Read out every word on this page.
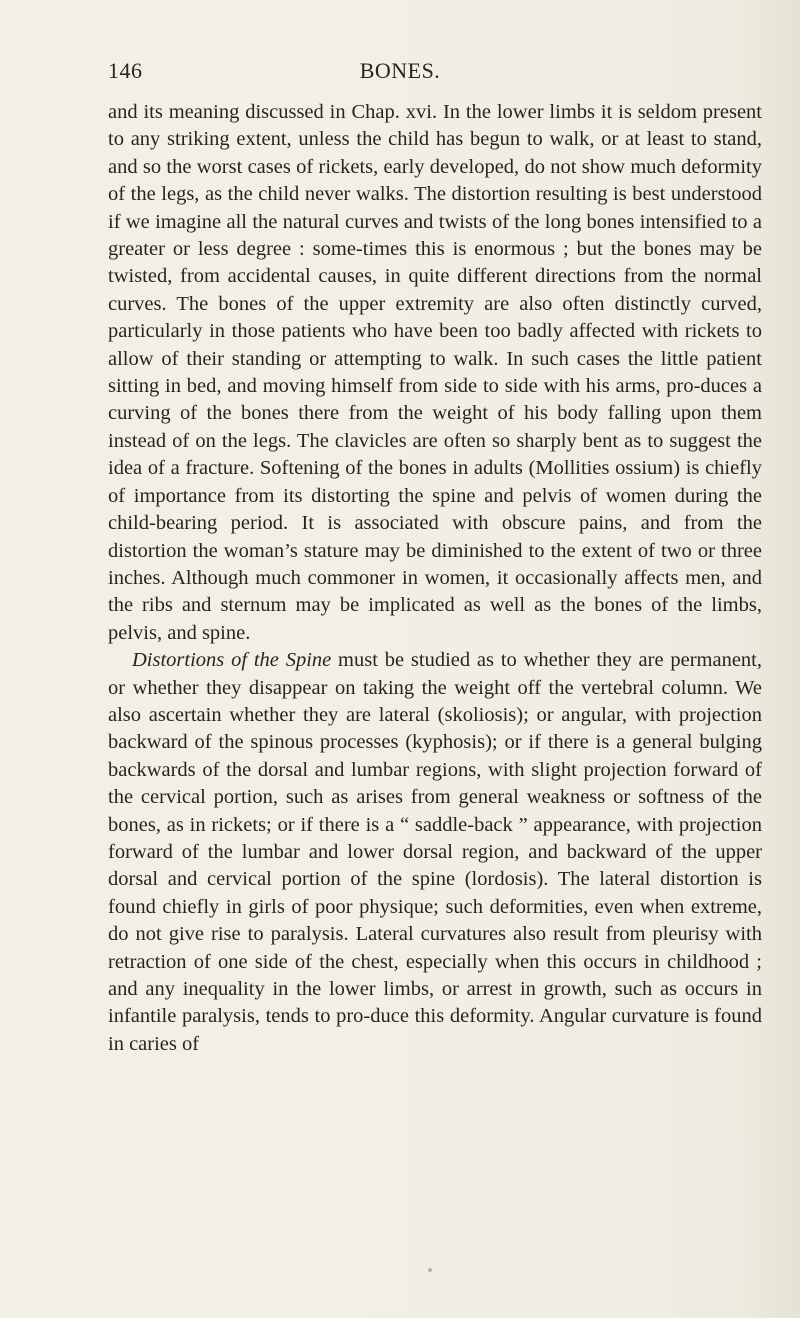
146	BONES.

and its meaning discussed in Chap. xvi. In the lower limbs it is seldom present to any striking extent, unless the child has begun to walk, or at least to stand, and so the worst cases of rickets, early developed, do not show much deformity of the legs, as the child never walks. The distortion resulting is best understood if we imagine all the natural curves and twists of the long bones intensified to a greater or less degree : some-times this is enormous ; but the bones may be twisted, from accidental causes, in quite different directions from the normal curves. The bones of the upper extremity are also often distinctly curved, particularly in those patients who have been too badly affected with rickets to allow of their standing or attempting to walk. In such cases the little patient sitting in bed, and moving himself from side to side with his arms, pro-duces a curving of the bones there from the weight of his body falling upon them instead of on the legs. The clavicles are often so sharply bent as to suggest the idea of a fracture. Softening of the bones in adults (Mollities ossium) is chiefly of importance from its distorting the spine and pelvis of women during the child-bearing period. It is associated with obscure pains, and from the distortion the woman’s stature may be diminished to the extent of two or three inches. Although much commoner in women, it occasionally affects men, and the ribs and sternum may be implicated as well as the bones of the limbs, pelvis, and spine.

Distortions of the Spine must be studied as to whether they are permanent, or whether they disappear on taking the weight off the vertebral column. We also ascertain whether they are lateral (skoliosis); or angular, with projection backward of the spinous processes (kyphosis); or if there is a general bulging backwards of the dorsal and lumbar regions, with slight projection forward of the cervical portion, such as arises from general weakness or softness of the bones, as in rickets; or if there is a “ saddle-back ” appearance, with projection forward of the lumbar and lower dorsal region, and backward of the upper dorsal and cervical portion of the spine (lordosis). The lateral distortion is found chiefly in girls of poor physique; such deformities, even when extreme, do not give rise to paralysis. Lateral curvatures also result from pleurisy with retraction of one side of the chest, especially when this occurs in childhood ; and any inequality in the lower limbs, or arrest in growth, such as occurs in infantile paralysis, tends to pro-duce this deformity. Angular curvature is found in caries of
